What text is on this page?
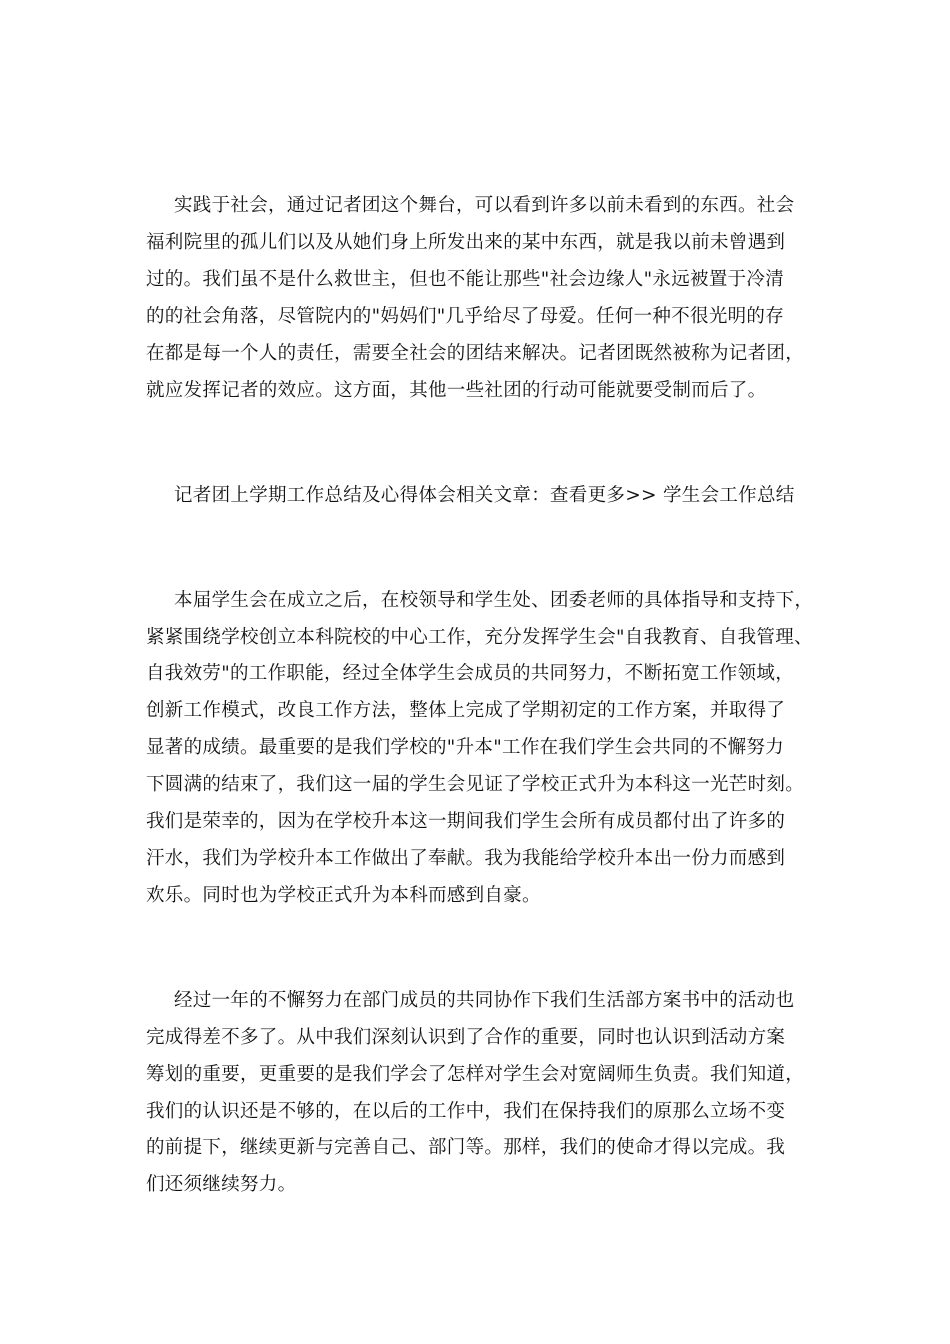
实践于社会，通过记者团这个舞台，可以看到许多以前未看到的东西。社会
福利院里的孤儿们以及从她们身上所发出来的某中东西，就是我以前未曾遇到
过的。我们虽不是什么救世主，但也不能让那些"社会边缘人"永远被置于冷清
的的社会角落，尽管院内的"妈妈们"几乎给尽了母爱。任何一种不很光明的存
在都是每一个人的责任，需要全社会的团结来解决。记者团既然被称为记者团，
就应发挥记者的效应。这方面，其他一些社团的行动可能就要受制而后了。
记者团上学期工作总结及心得体会相关文章：查看更多>> 学生会工作总结
本届学生会在成立之后，在校领导和学生处、团委老师的具体指导和支持下，
紧紧围绕学校创立本科院校的中心工作，充分发挥学生会"自我教育、自我管理、
自我效劳"的工作职能，经过全体学生会成员的共同努力，不断拓宽工作领域，
创新工作模式，改良工作方法，整体上完成了学期初定的工作方案，并取得了
显著的成绩。最重要的是我们学校的"升本"工作在我们学生会共同的不懈努力
下圆满的结束了，我们这一届的学生会见证了学校正式升为本科这一光芒时刻。
我们是荣幸的，因为在学校升本这一期间我们学生会所有成员都付出了许多的
汗水，我们为学校升本工作做出了奉献。我为我能给学校升本出一份力而感到
欢乐。同时也为学校正式升为本科而感到自豪。
经过一年的不懈努力在部门成员的共同协作下我们生活部方案书中的活动也
完成得差不多了。从中我们深刻认识到了合作的重要，同时也认识到活动方案
筹划的重要，更重要的是我们学会了怎样对学生会对宽阔师生负责。我们知道，
我们的认识还是不够的，在以后的工作中，我们在保持我们的原那么立场不变
的前提下，继续更新与完善自己、部门等。那样，我们的使命才得以完成。我
们还须继续努力。
